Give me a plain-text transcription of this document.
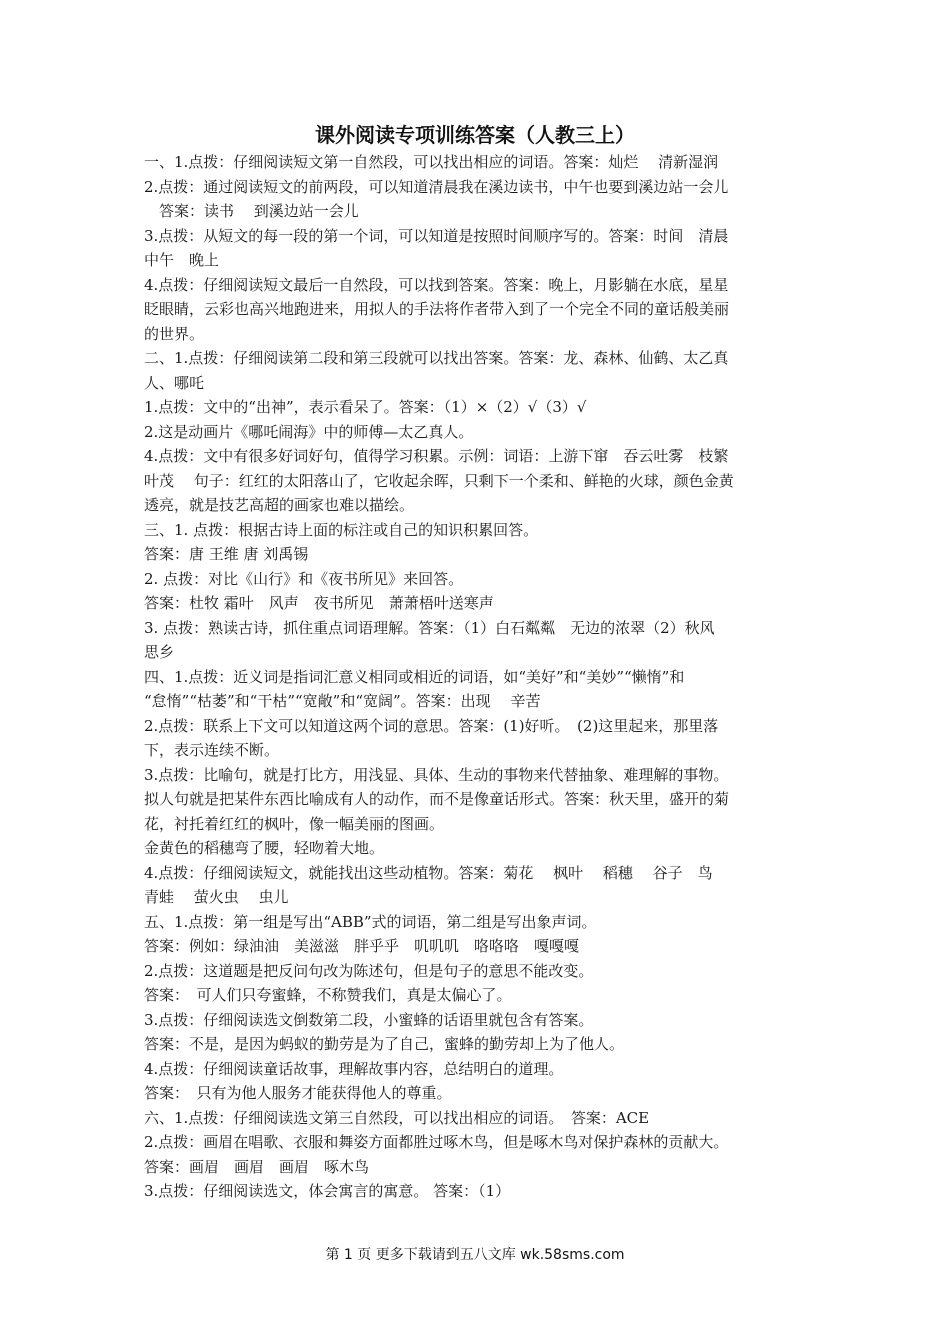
课外阅读专项训练答案（人教三上）
一、1.点拨：仔细阅读短文第一自然段，可以找出相应的词语。答案：灿烂　 清新湿润
2.点拨：通过阅读短文的前两段，可以知道清晨我在溪边读书，中午也要到溪边站一会儿
　答案：读书　 到溪边站一会儿
3.点拨：从短文的每一段的第一个词，可以知道是按照时间顺序写的。答案：时间　清晨
中午　晚上
4.点拨：仔细阅读短文最后一自然段，可以找到答案。答案：晚上，月影躺在水底，星星
眨眼睛，云彩也高兴地跑进来，用拟人的手法将作者带入到了一个完全不同的童话般美丽
的世界。
二、1.点拨：仔细阅读第二段和第三段就可以找出答案。答案：龙、森林、仙鹤、太乙真
人、哪吒
1.点拨：文中的“出神”，表示看呆了。答案：（1）×（2）√（3）√
2.这是动画片《哪吒闹海》中的师傅—太乙真人。
4.点拨：文中有很多好词好句，值得学习积累。示例：词语：上游下窜　吞云吐雾　枝繁
叶茂　 句子：红红的太阳落山了，它收起余晖，只剩下一个柔和、鲜艳的火球，颜色金黄
透亮，就是技艺高超的画家也难以描绘。
三、1. 点拨：根据古诗上面的标注或自己的知识积累回答。
答案：唐 王维 唐 刘禹锡
2. 点拨：对比《山行》和《夜书所见》来回答。
答案：杜牧 霜叶　风声　夜书所见　萧萧梧叶送寒声
3. 点拨：熟读古诗，抓住重点词语理解。答案：（1）白石粼粼　无边的浓翠（2）秋风
思乡
四、1.点拨：近义词是指词汇意义相同或相近的词语，如“美好”和“美妙”“懒惰”和
“怠惰”“枯萎”和“干枯”“宽敞”和“宽阔”。答案：出现　 辛苦
2.点拨：联系上下文可以知道这两个词的意思。答案：(1)好听。　(2)这里起来，那里落
下，表示连续不断。
3.点拨：比喻句，就是打比方，用浅显、具体、生动的事物来代替抽象、难理解的事物。
拟人句就是把某件东西比喻成有人的动作，而不是像童话形式。答案：秋天里，盛开的菊
花，衬托着红红的枫叶，像一幅美丽的图画。
金黄色的稻穗弯了腰，轻吻着大地。
4.点拨：仔细阅读短文，就能找出这些动植物。答案：菊花　 枫叶　 稻穗　 谷子　鸟
青蛙　 萤火虫　 虫儿
五、1.点拨：第一组是写出“ABB”式的词语，第二组是写出象声词。
答案：例如：绿油油　美滋滋　胖乎乎　叽叽叽　咯咯咯　嘎嘎嘎
2.点拨：这道题是把反问句改为陈述句，但是句子的意思不能改变。
答案：　可人们只夸蜜蜂，不称赞我们，真是太偏心了。
3.点拨：仔细阅读选文倒数第二段，小蜜蜂的话语里就包含有答案。
答案：不是，是因为蚂蚁的勤劳是为了自己，蜜蜂的勤劳却上为了他人。
4.点拨：仔细阅读童话故事，理解故事内容，总结明白的道理。
答案：　只有为他人服务才能获得他人的尊重。
六、1.点拨：仔细阅读选文第三自然段，可以找出相应的词语。　答案：ACE
2.点拨：画眉在唱歌、衣服和舞姿方面都胜过啄木鸟，但是啄木鸟对保护森林的贡献大。
答案：画眉　画眉　画眉　啄木鸟
3.点拨：仔细阅读选文，体会寓言的寓意。 答案：（1）
第 1 页 更多下载请到五八文库 wk.58sms.com
